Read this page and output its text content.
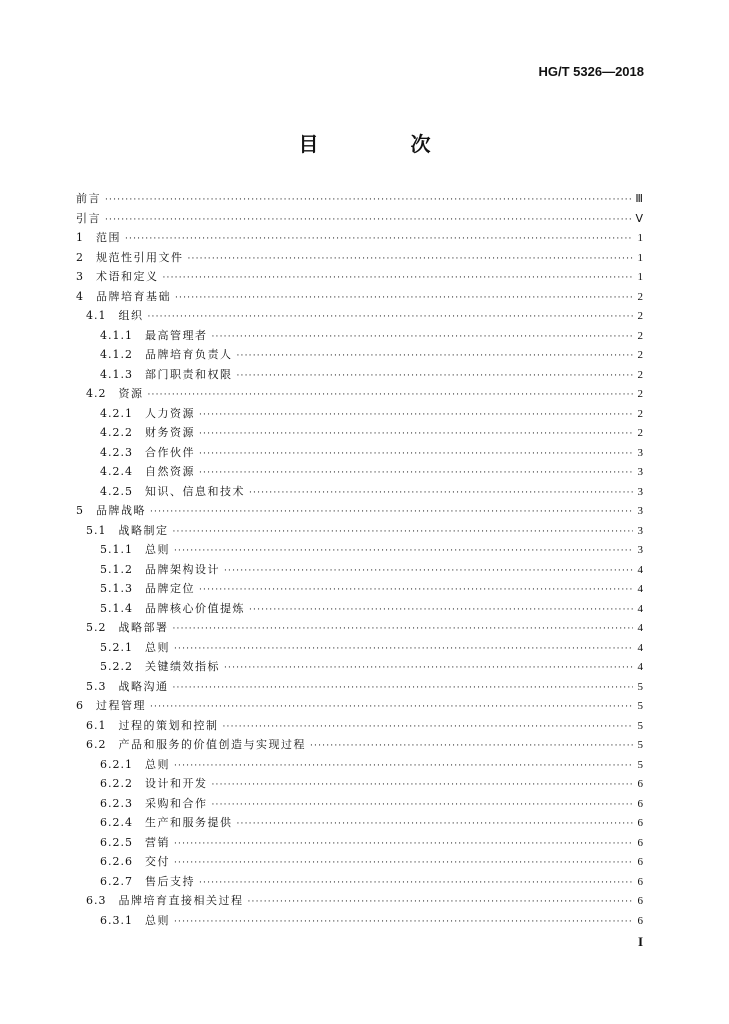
HG/T 5326—2018
目　次
前言 ·····	Ⅲ
引言 ·····	Ⅴ
1 范围 ·····	1
2 规范性引用文件 ·····	1
3 术语和定义 ·····	1
4 品牌培育基础 ·····	2
4.1 组织 ·····	2
4.1.1 最高管理者 ·····	2
4.1.2 品牌培育负责人 ·····	2
4.1.3 部门职责和权限 ·····	2
4.2 资源 ·····	2
4.2.1 人力资源 ·····	2
4.2.2 财务资源 ·····	2
4.2.3 合作伙伴 ·····	3
4.2.4 自然资源 ·····	3
4.2.5 知识、信息和技术 ·····	3
5 品牌战略 ·····	3
5.1 战略制定 ·····	3
5.1.1 总则 ·····	3
5.1.2 品牌架构设计 ·····	4
5.1.3 品牌定位 ·····	4
5.1.4 品牌核心价值提炼 ·····	4
5.2 战略部署 ·····	4
5.2.1 总则 ·····	4
5.2.2 关键绩效指标 ·····	4
5.3 战略沟通 ·····	5
6 过程管理 ·····	5
6.1 过程的策划和控制 ·····	5
6.2 产品和服务的价值创造与实现过程 ·····	5
6.2.1 总则 ·····	5
6.2.2 设计和开发 ·····	6
6.2.3 采购和合作 ·····	6
6.2.4 生产和服务提供 ·····	6
6.2.5 营销 ·····	6
6.2.6 交付 ·····	6
6.2.7 售后支持 ·····	6
6.3 品牌培育直接相关过程 ·····	6
6.3.1 总则 ·····	6
I
